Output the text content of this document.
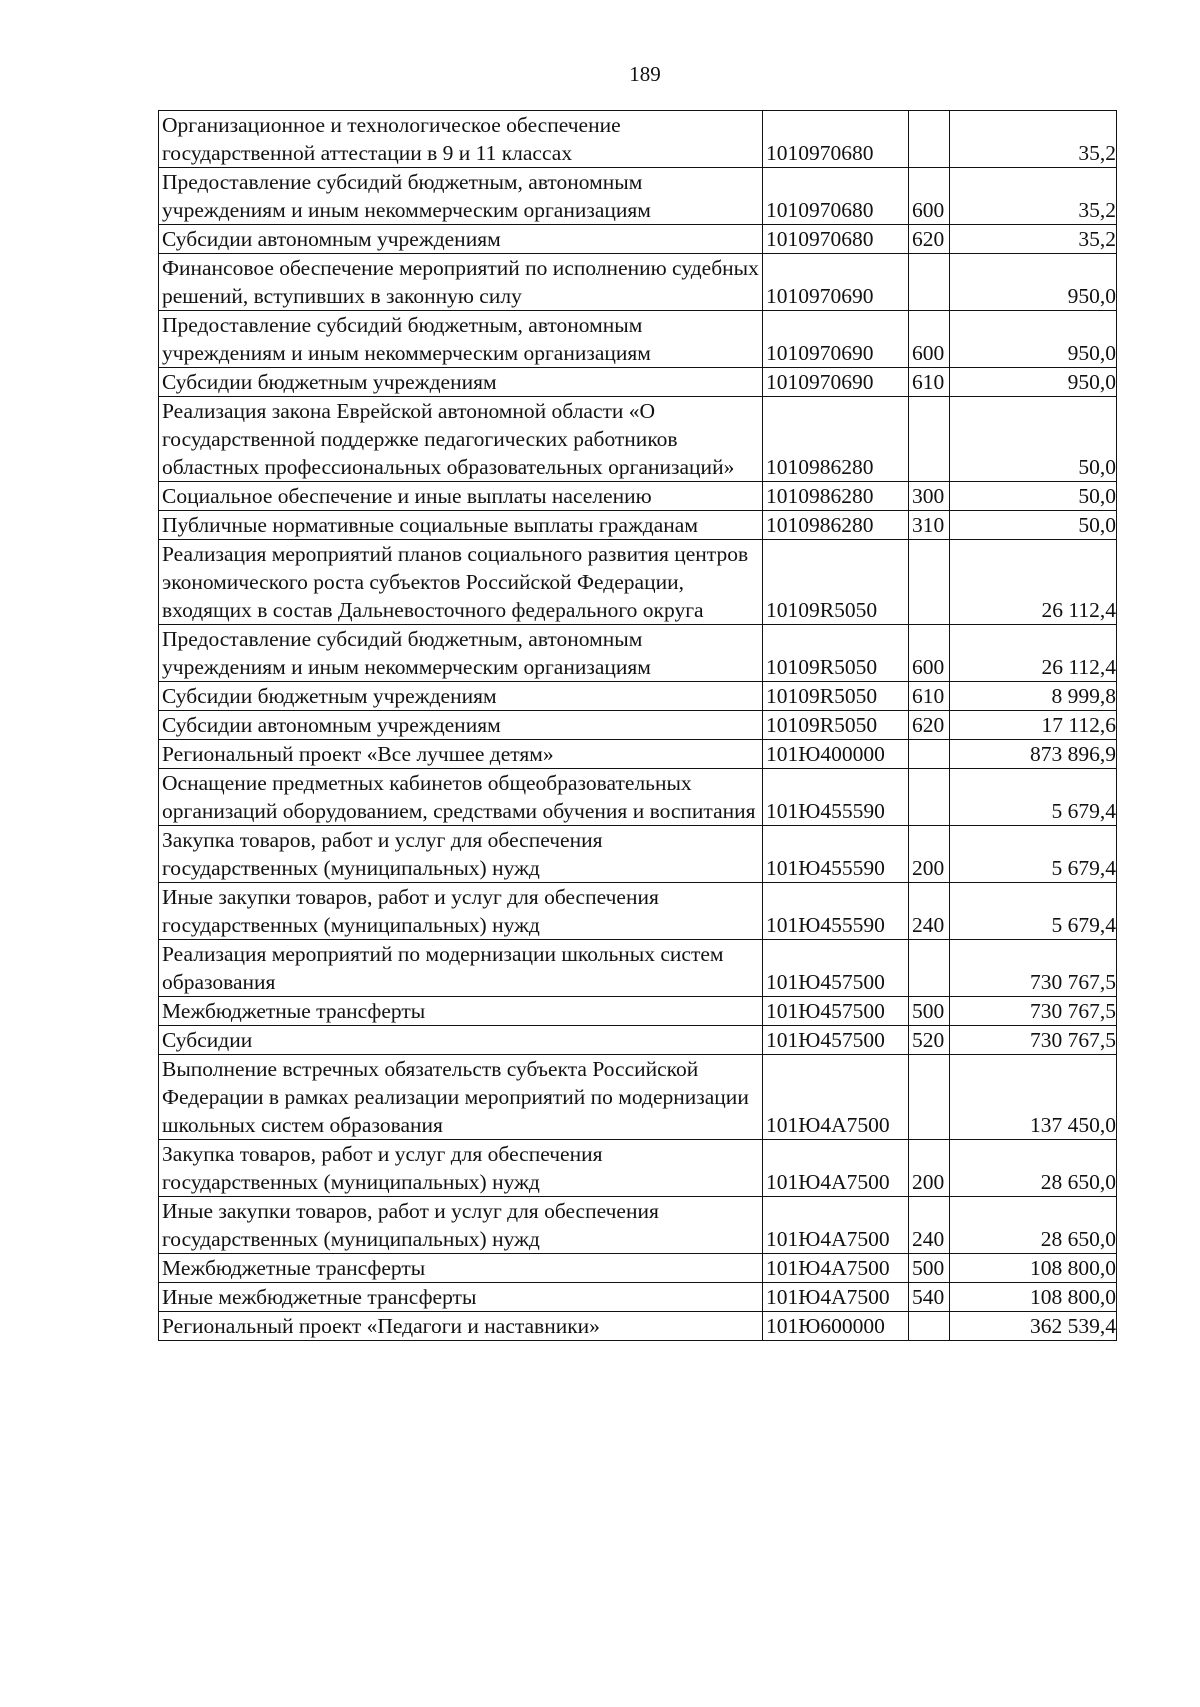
189
Организационное и технологическое обеспечение государственной аттестации в 9 и 11 классах	1010970680		35,2
Предоставление субсидий бюджетным, автономным учреждениям и иным некоммерческим организациям	1010970680	600	35,2
Субсидии автономным учреждениям	1010970680	620	35,2
Финансовое обеспечение мероприятий по исполнению судебных решений, вступивших в законную силу	1010970690		950,0
Предоставление субсидий бюджетным, автономным учреждениям и иным некоммерческим организациям	1010970690	600	950,0
Субсидии бюджетным учреждениям	1010970690	610	950,0
Реализация закона Еврейской автономной области «О государственной поддержке педагогических работников областных профессиональных образовательных организаций»	1010986280		50,0
Социальное обеспечение и иные выплаты населению	1010986280	300	50,0
Публичные нормативные социальные выплаты гражданам	1010986280	310	50,0
Реализация мероприятий планов социального развития центров экономического роста субъектов Российской Федерации, входящих в состав Дальневосточного федерального округа	10109R5050		26 112,4
Предоставление субсидий бюджетным, автономным учреждениям и иным некоммерческим организациям	10109R5050	600	26 112,4
Субсидии бюджетным учреждениям	10109R5050	610	8 999,8
Субсидии автономным учреждениям	10109R5050	620	17 112,6
Региональный проект «Все лучшее детям»	101Ю400000		873 896,9
Оснащение предметных кабинетов общеобразовательных организаций оборудованием, средствами обучения и воспитания	101Ю455590		5 679,4
Закупка товаров, работ и услуг для обеспечения государственных (муниципальных) нужд	101Ю455590	200	5 679,4
Иные закупки товаров, работ и услуг для обеспечения государственных (муниципальных) нужд	101Ю455590	240	5 679,4
Реализация мероприятий по модернизации школьных систем образования	101Ю457500		730 767,5
Межбюджетные трансферты	101Ю457500	500	730 767,5
Субсидии	101Ю457500	520	730 767,5
Выполнение встречных обязательств субъекта Российской Федерации в рамках реализации мероприятий по модернизации школьных систем образования	101Ю4А7500		137 450,0
Закупка товаров, работ и услуг для обеспечения государственных (муниципальных) нужд	101Ю4А7500	200	28 650,0
Иные закупки товаров, работ и услуг для обеспечения государственных (муниципальных) нужд	101Ю4А7500	240	28 650,0
Межбюджетные трансферты	101Ю4А7500	500	108 800,0
Иные межбюджетные трансферты	101Ю4А7500	540	108 800,0
Региональный проект «Педагоги и наставники»	101Ю600000		362 539,4
